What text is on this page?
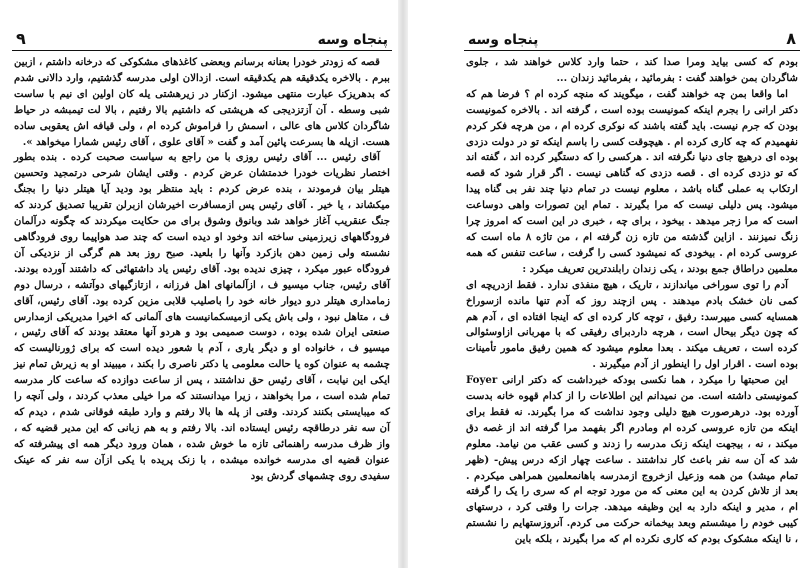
۹	پنجاه وسه

قصه که زودتر خودرا بعنانه برسانم وبعضی کاغذهای مشکوکی که درخانه داشتم ، ازبین ببرم . بالاخره یکدقیقه هم یکدقیقه است. ازدالان اولی مدرسه گذشتیم، وارد دالانی شدم که بدهریزک عبارت منتهی میشود. ازکنار در زیرهشتی یله کان اولین ای نیم با ساست شبی وسطه . آن آزتزدیجی که هرپشتی که داشتیم بالا رفتیم ، بالا لت تیمبشه در حیاط شاگردان کلاس های عالی ، اسمش را فراموش کرده ام ، ولی قیافه اش یعقوبی ساده هست. ازپله ها بسرعت پائین آمد و گفت « آقای علوی ، آقای رئیس شمارا میخواهد ».

آقای رئیس ... آقای رئیس روزی با من راجع به سیاست صحبت کرده . بنده بطور اختصار نظریات خودرا خدمتشان عرض کردم . وقتی ایشان شرحی درتمجید وتحسین هیتلر بیان فرمودند ، بنده عرض کردم : باید منتظر بود ودید آیا هیتلر دنیا را بجنگ میکشاند ، یا خیر . آقای رئیس پس ازمسافرت اخیرشان ازبرلن تقریبا تصدیق کردند که جنگ عنقریب آغاز خواهد شد وبانوق وشوق برای من حکایت میکردند که چگونه درآلمان فرودگاههای زیرزمینی ساخته اند وخود او دیده است که چند صد هواپیما روی فرودگاهی نشسته ولی زمین دهن بازکرد وآنها را بلعید. صبح روز بعد هم گرگی از نزدیکی آن فرودگاه عبور میکرد ، چیزی ندیده بود. آقای رئیس یاد داشتهائی که داشتند آورده بودند. آقای رئیس، جناب میسیو ف ، ازآلمانهای اهل فرزانه ، ازتازگیهای دوآتشه ، درسال دوم زمامداری هیتلر درو دیوار خانه خود را باصلیب قلابی مزین کرده بود. آقای رئیس، آقای ف ، متاهل نبود ، ولی باش یکی ازمیسکمانیست های آلمانی که اخیرا مدیریکی ازمدارس صنعتی ایران شده بوده ، دوست صمیمی بود و هردو آنها معتقد بودند که آقای رئیس ، میسیو ف ، خانواده او و دیگر یاری ، آدم با شعور دیده است که برای ژورنالیست که چشمه به عنوان کوه یا حالت معلومی یا دکتر ناصری را بکند ، میبیند او به زیرش تمام نیز ایکی این نیابت ، آقای رئیس حق نداشتند ، پس از ساعت دوازده که ساعت کار مدرسه تمام شده است ، مرا بخواهند ، زیرا میدانستند که مرا خیلی معذب کردند ، ولی آنچه را که میبایستی بکنند کردند. وقتی از پله ها بالا رفتم و وارد طبقه فوقانی شدم ، دیدم که آن سه نفر درطاقچه رئیس ایستاده اند. بالا رفتم و به هم زبانی که این مدیر قضیه که ، واز ظرف مدرسه راهنمائی تازه ما خوش شده ، همان ورود دیگر همه ای پیشرفته که عنوان قضیه ای مدرسه خوانده میشده ، با زنک پریده با یکی ازآن سه نفر که عینک سفیدی روی چشمهای گردش بود

پنجاه وسه	۸

بودم که کسی بیاید ومرا صدا کند ، حتما وارد کلاس خواهند شد ، جلوی شاگردان بمن خواهند گفت : بفرمائید ، بفرمائید زندان ...

اما واقعا بمن چه خواهند گفت ، میگویند که منچه کرده ام ؟ فرضا هم که دکتر ارانی را بجرم اینکه کمونیست بوده است ، گرفته اند . بالاخره کمونیست بودن که جرم نیست. باید گفته باشند که نوکری کرده ام ، من هرچه فکر کردم نفهمیدم که چه کاری کرده ام . هیچوقت کسی را باسم اینکه تو در دولت دزدی بوده ای درهیچ جای دنیا نگرفته اند . هرکسی را که دستگیر کرده اند ، گفته اند که تو دزدی کرده ای . قصه دزدی که گناهی نیست . اگر قرار شود که قصه ارتکاب به عملی گناه باشد ، معلوم نیست در تمام دنیا چند نفر بی گناه پیدا میشود. پس دلیلی نیست که مرا بگیرند . تمام این تصورات واهی دوساعت است که مرا زجر میدهد . بیخود ، برای چه ، خبری در این است که امروز چرا زنگ نمیزنند . ازاین گذشته من تازه زن گرفته ام ، من تاژه ۸ ماه است که عروسی کرده ام . بیخودی که نمیشود کسی را گرفت ، ساعت تنفس که همه معلمین دراطاق جمع بودند ، یکی زندان رابلندترین تعریف میکرد :

آدم را توی سوراخی میاندازند ، تاریک ، هیچ منفذی ندارد . فقط ازدریچه ای کمی نان خشک بادم میدهند . پس ازچند روز که آدم تنها مانده ازسوراخ همسایه کسی میپرسد: رفیق ، توچه کار کرده ای که اینجا افتاده ای ، آدم هم که چون دیگر بیحال است ، هرچه داردبرای رفیقی که با مهربانی ازاوسئوالی کرده است ، تعریف میکند . بعدا معلوم میشود که همین رفیق مامور تأمینات بوده است . اقرار اول را اینطور از آدم میگیرند .

این صحبتها را میکرد ، هما نکسی بودکه خبرداشت که دکتر ارانی Foyer کمونیستی داشته است. من نمیدانم این اطلاعات را از کدام قهوه خانه بدست آورده بود. درهرصورت هیچ دلیلی وجود نداشت که مرا بگیرند. نه فقط برای اینکه من تازه عروسی کرده ام ومادرم اگر بفهمد مرا گرفته اند از غصه دق میکند ، نه ، بیجهت اینکه زنک مدرسه را زدند و کسی عقب من نیامد. معلوم شد که آن سه نفر باعث کار نداشتند . ساعت چهار ازکه درس پیش- (ظهر تمام میشد) من همه وزعیل ازخروج ازمدرسه باهانمعلمین همراهی میکردم . بعد از تلاش کردن به این معنی که من مورد توجه ام که سری را یک را گرفته ام ، مدیر و اینکه دارد به این وظیفه میدهد. جرات را وقتی کرد ، درستهای کیبی خودم را میشستم وبعد بیخمانه حرکت می کردم. آنروزستهایم را نشستم ، نا اینکه مشکوک بودم که کاری نکرده ام که مرا بگیرند ، بلکه باین
